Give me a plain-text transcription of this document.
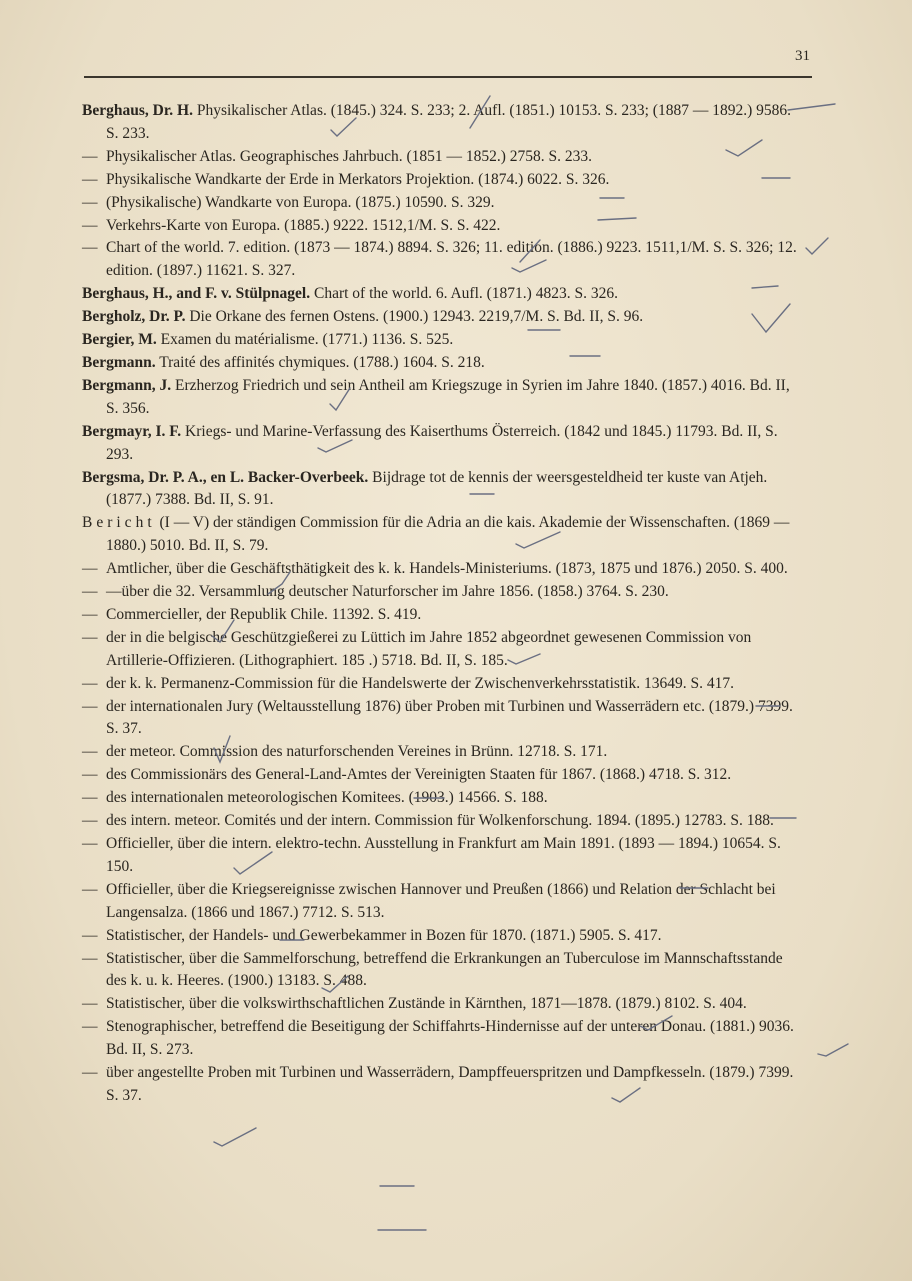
31

Berghaus, Dr. H. Physikalischer Atlas. (1845.) 324. S. 233; 2. Aufl. (1851.) 10153. S. 233; (1887 — 1892.) 9586. S. 233.

— Physikalischer Atlas. Geographisches Jahrbuch. (1851 — 1852.) 2758. S. 233.

— Physikalische Wandkarte der Erde in Merkators Projektion. (1874.) 6022. S. 326.

— (Physikalische) Wandkarte von Europa. (1875.) 10590. S. 329.

— Verkehrs-Karte von Europa. (1885.) 9222. 1512,1/M. S. S. 422.

— Chart of the world. 7. edition. (1873 — 1874.) 8894. S. 326; 11. edition. (1886.) 9223. 1511,1/M. S. S. 326; 12. edition. (1897.) 11621. S. 327.

Berghaus, H., and F. v. Stülpnagel. Chart of the world. 6. Aufl. (1871.) 4823. S. 326.

Bergholz, Dr. P. Die Orkane des fernen Ostens. (1900.) 12943. 2219,7/M. S. Bd. II, S. 96.

Bergier, M. Examen du matérialisme. (1771.) 1136. S. 525.

Bergmann. Traité des affinités chymiques. (1788.) 1604. S. 218.

Bergmann, J. Erzherzog Friedrich und sein Antheil am Kriegszuge in Syrien im Jahre 1840. (1857.) 4016. Bd. II, S. 356.

Bergmayr, I. F. Kriegs- und Marine-Verfassung des Kaiserthums Österreich. (1842 und 1845.) 11793. Bd. II, S. 293.

Bergsma, Dr. P. A., en L. Backer-Overbeek. Bijdrage tot de kennis der weersgesteldheid ter kuste van Atjeh. (1877.) 7388. Bd. II, S. 91.

Bericht (I — V) der ständigen Commission für die Adria an die kais. Akademie der Wissenschaften. (1869 — 1880.) 5010. Bd. II, S. 79.

— Amtlicher, über die Geschäftsthätigkeit des k. k. Handels-Ministeriums. (1873, 1875 und 1876.) 2050. S. 400.

— —über die 32. Versammlung deutscher Naturforscher im Jahre 1856. (1858.) 3764. S. 230.

— Commercieller, der Republik Chile. 11392. S. 419.

— der in die belgische Geschützgießerei zu Lüttich im Jahre 1852 abgeordnet gewesenen Commission von Artillerie-Offizieren. (Lithographiert. 185 .) 5718. Bd. II, S. 185.

— der k. k. Permanenz-Commission für die Handelswerte der Zwischenverkehrsstatistik. 13649. S. 417.

— der internationalen Jury (Weltausstellung 1876) über Proben mit Turbinen und Wasserrädern etc. (1879.) 7399. S. 37.

— der meteor. Commission des naturforschenden Vereines in Brünn. 12718. S. 171.

— des Commissionärs des General-Land-Amtes der Vereinigten Staaten für 1867. (1868.) 4718. S. 312.

— des internationalen meteorologischen Komitees. (1903.) 14566. S. 188.

— des intern. meteor. Comités und der intern. Commission für Wolkenforschung. 1894. (1895.) 12783. S. 188.

— Officieller, über die intern. elektro-techn. Ausstellung in Frankfurt am Main 1891. (1893 — 1894.) 10654. S. 150.

— Officieller, über die Kriegsereignisse zwischen Hannover und Preußen (1866) und Relation der Schlacht bei Langensalza. (1866 und 1867.) 7712. S. 513.

— Statistischer, der Handels- und Gewerbekammer in Bozen für 1870. (1871.) 5905. S. 417.

— Statistischer, über die Sammelforschung, betreffend die Erkrankungen an Tuberculose im Mannschaftsstande des k. u. k. Heeres. (1900.) 13183. S. 488.

— Statistischer, über die volkswirthschaftlichen Zustände in Kärnthen, 1871—1878. (1879.) 8102. S. 404.

— Stenographischer, betreffend die Beseitigung der Schiffahrts-Hindernisse auf der unteren Donau. (1881.) 9036. Bd. II, S. 273.

— über angestellte Proben mit Turbinen und Wasserrädern, Dampffeuerspritzen und Dampfkesseln. (1879.) 7399. S. 37.
